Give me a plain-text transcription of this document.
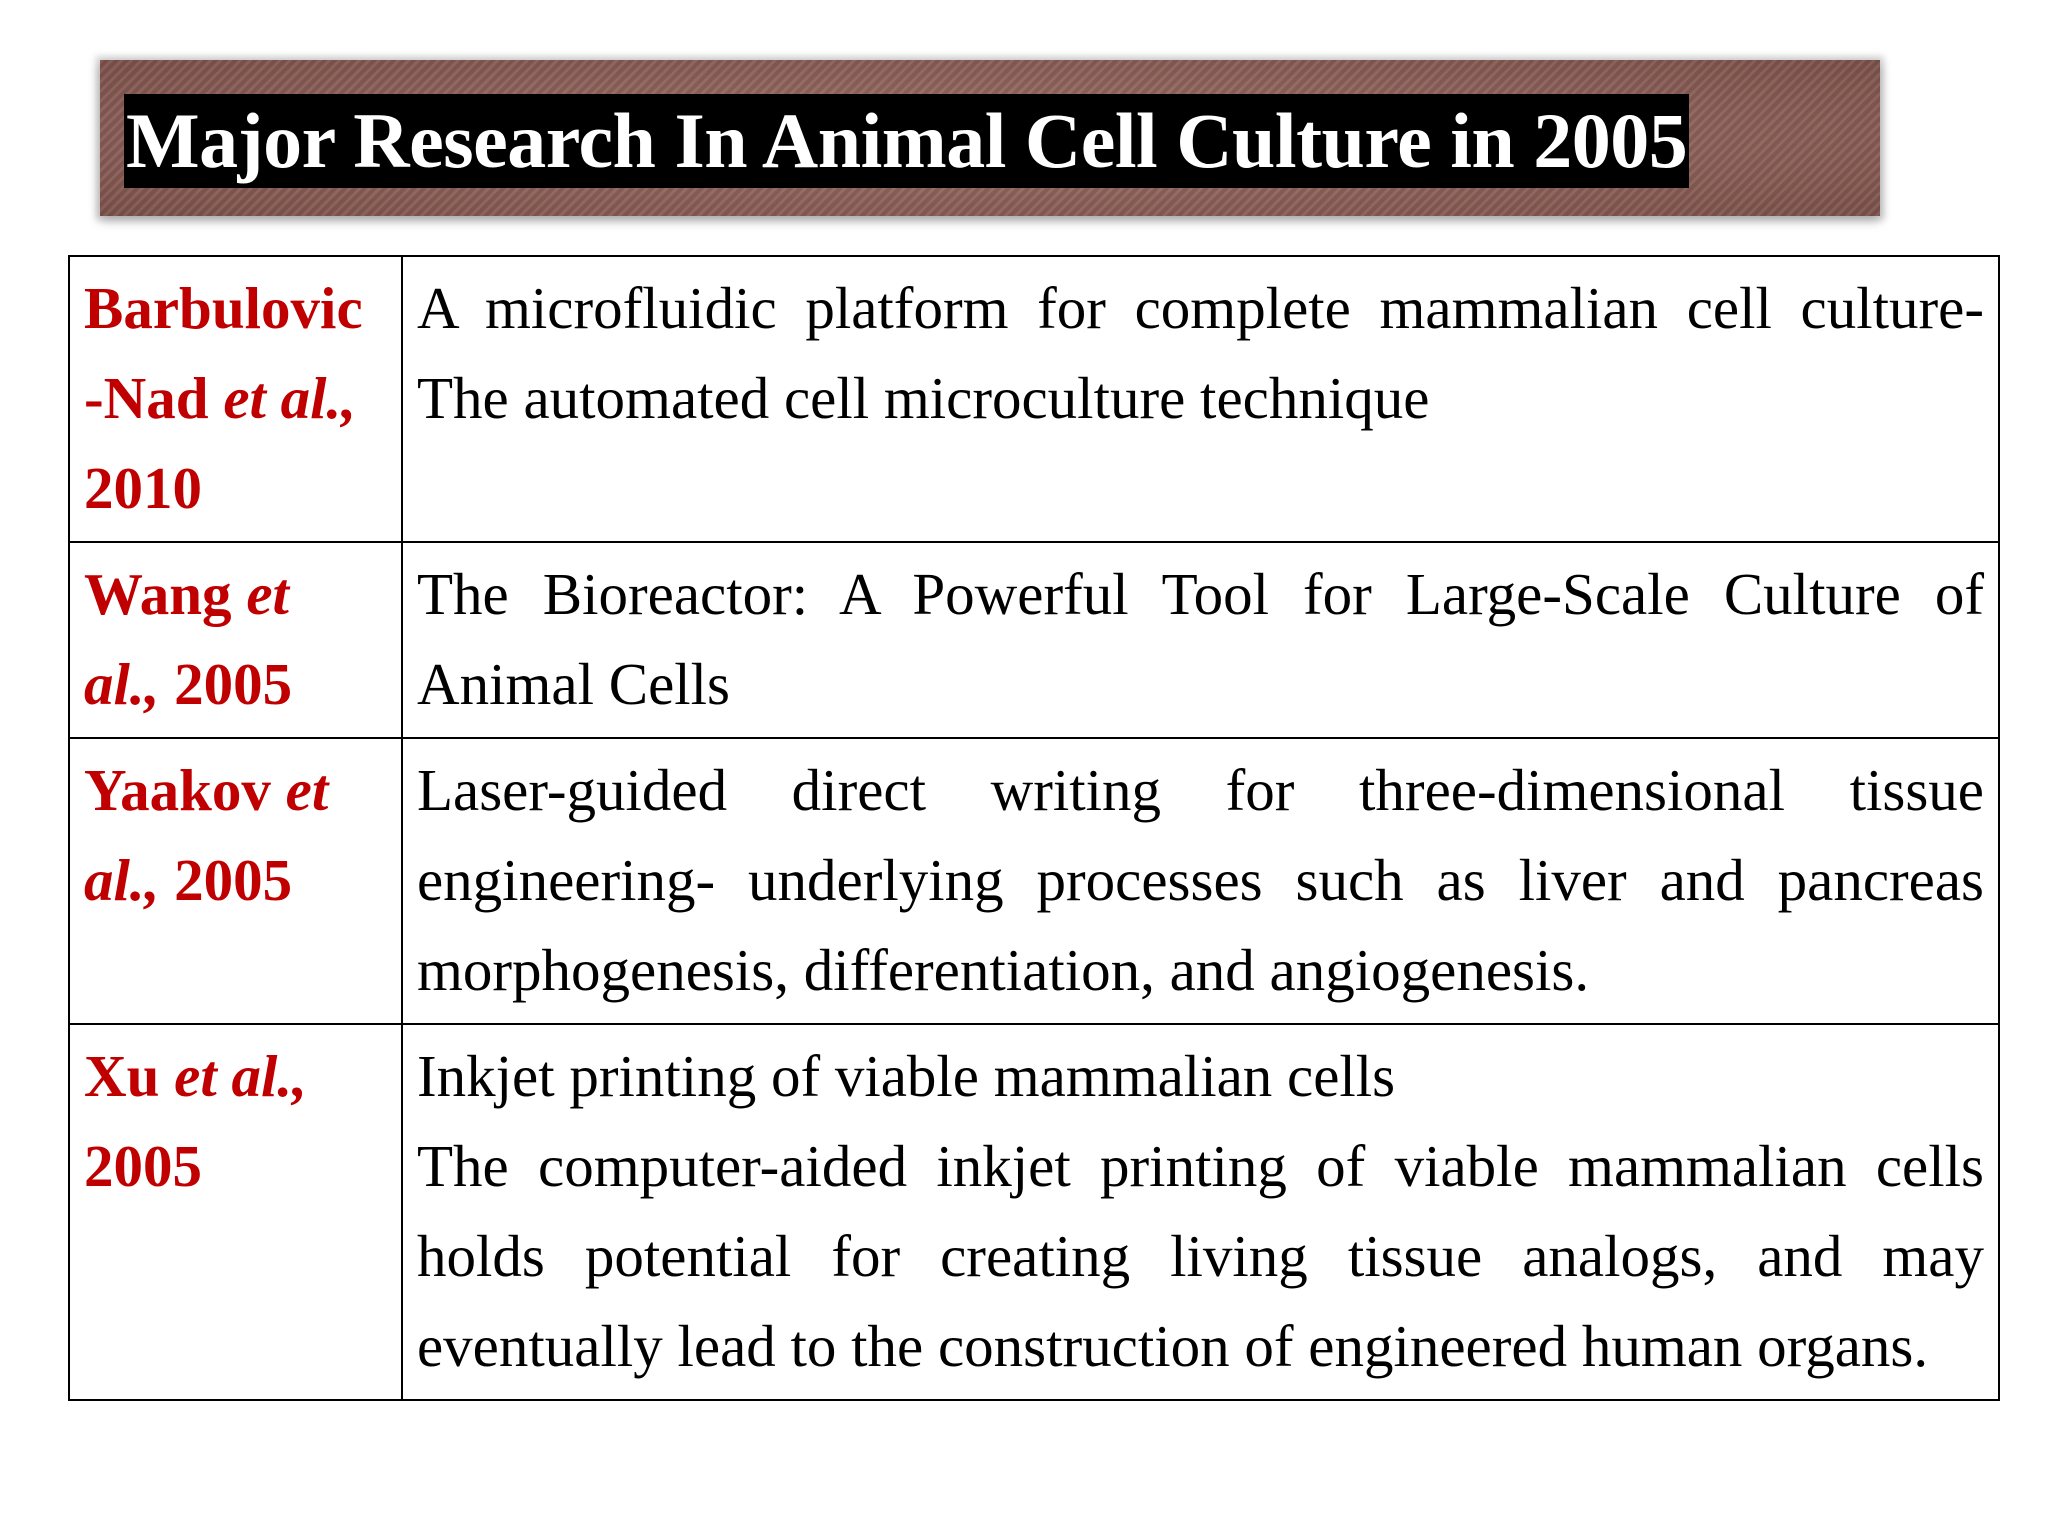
Major Research In Animal Cell Culture in 2005
Barbulovic
-Nad et al.,
2010	A microfluidic platform for complete mammalian cell culture- The automated cell microculture technique
Wang et
al., 2005	The Bioreactor: A Powerful Tool for Large-Scale Culture of Animal Cells
Yaakov et
al., 2005	Laser-guided direct writing for three-dimensional tissue engineering- underlying processes such as liver and pancreas morphogenesis, differentiation, and angiogenesis.
Xu et al.,
2005	Inkjet printing of viable mammalian cells
The computer-aided inkjet printing of viable mammalian cells holds potential for creating living tissue analogs, and may eventually lead to the construction of engineered human organs.
